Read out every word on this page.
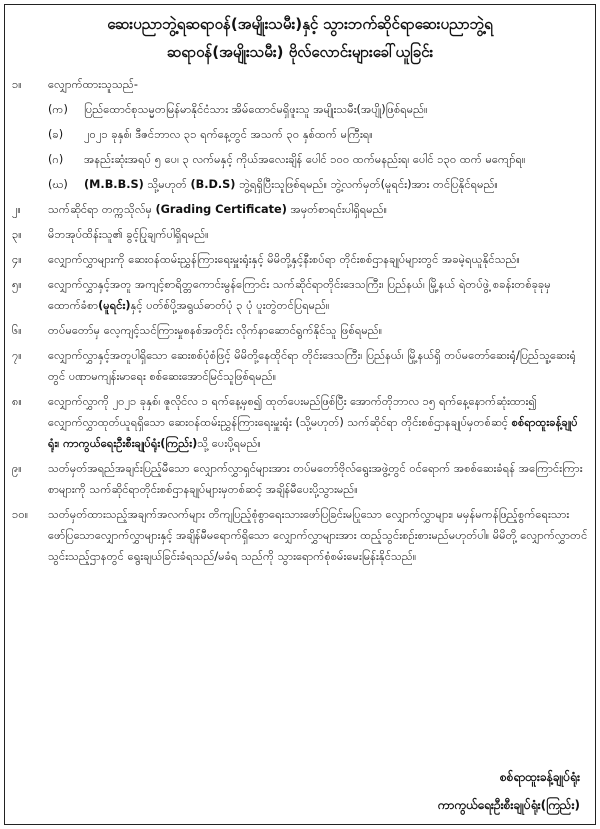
ဆေးပညာဘွဲ့ရဆရာဝန်(အမျိုးသမီး)နှင့် သွားဘက်ဆိုင်ရာဆေးပညာဘွဲ့ရ
ဆရာဝန်(အမျိုးသမီး) ဗိုလ်လောင်းများခေါ်ယူခြင်း
၁။	လျှောက်ထားသူသည်-
(က)	ပြည်ထောင်စုသမ္မတမြန်မာနိုင်ငံသား အိမ်ထောင်မရှိဖူးသူ အမျိုးသမီး(အပျို)ဖြစ်ရမည်။
(ခ)	၂၀၂၁ ခုနှစ်၊ ဒီဇင်ဘာလ ၃၁ ရက်နေ့တွင် အသက် ၃၀ နှစ်ထက် မကြီးရ။
(ဂ)	အနည်းဆုံးအရပ် ၅ ပေ၊ ၃ လက်မနှင့် ကိုယ်အလေးချိန် ပေါင် ၁၀၀ ထက်မနည်းရ၊ ပေါင် ၁၃၀ ထက် မကျော်ရ။
(ဃ)	(M.B.B.S) သို့မဟုတ် (B.D.S) ဘွဲ့ရရှိပြီးသူဖြစ်ရမည်။ ဘွဲ့လက်မှတ်(မူရင်း)အား တင်ပြနိုင်ရမည်။
၂။	သက်ဆိုင်ရာ တက္ကသိုလ်မှ (Grading Certificate) အမှတ်စာရင်းပါရှိရမည်။
၃။	မိဘအုပ်ထိန်းသူ၏ ခွင့်ပြုချက်ပါရှိရမည်။
၄။	လျှောက်လွှာများကို ဆေးဝန်ထမ်းညွှန်ကြားရေးမှူးရုံးနှင့် မိမိတို့နှင့်နီးစပ်ရာ တိုင်းစစ်ဌာနချုပ်များတွင် အခမဲ့ရယူနိုင်သည်။
၅။	လျှောက်လွှာနှင့်အတူ အကျင့်စာရိတ္တကောင်းမွန်ကြောင်း သက်ဆိုင်ရာတိုင်းဒေသကြီး၊ ပြည်နယ်၊ မြို့နယ် ရဲတပ်ဖွဲ့ စခန်းတစ်ခုခုမှ ထောက်ခံစာ(မူရင်း)နှင့် ပတ်စ်ပို့အရွယ်ဓာတ်ပုံ ၃ ပုံ ပူးတွဲတင်ပြရမည်။
၆။	တပ်မတော်မှ လေ့ကျင့်သင်ကြားမှုစနစ်အတိုင်း လိုက်နာဆောင်ရွက်နိုင်သူ ဖြစ်ရမည်။
၇။	လျှောက်လွှာနှင့်အတူပါရှိသော ဆေးစစ်ပုံစံဖြင့် မိမိတို့နေထိုင်ရာ တိုင်းဒေသကြီး၊ ပြည်နယ်၊ မြို့နယ်ရှိ တပ်မတော်ဆေးရုံ/ပြည်သူ့ဆေးရုံတွင် ပဏာမကျန်းမာရေး စစ်ဆေးအောင်မြင်သူဖြစ်ရမည်။
၈။	လျှောက်လွှာကို ၂၀၂၁ ခုနှစ်၊ ဇူလိုင်လ ၁ ရက်နေ့မှစ၍ ထုတ်ပေးမည်ဖြစ်ပြီး အောက်တိုဘာလ ၁၅ ရက်နေ့နောက်ဆုံးထား၍ လျှောက်လွှာထုတ်ယူရရှိသော ဆေးဝန်ထမ်းညွှန်ကြားရေးမှူးရုံး (သို့မဟုတ်) သက်ဆိုင်ရာ တိုင်းစစ်ဌာနချုပ်မှတစ်ဆင့် စစ်ရာထူးခန့်ချုပ်ရုံး၊ ကာကွယ်ရေးဦးစီးချုပ်ရုံး(ကြည်း)သို့ ပေးပို့ရမည်။
၉။	သတ်မှတ်အရည်အချင်းပြည့်မီသော လျှောက်လွှာရှင်များအား တပ်မတော်ဗိုလ်ရွေးအဖွဲ့တွင် ဝင်ရောက် အစစ်ဆေးခံရန် အကြောင်းကြားစာများကို သက်ဆိုင်ရာတိုင်းစစ်ဌာနချုပ်များမှတစ်ဆင့် အချိန်မီပေးပို့သွားမည်။
၁၀။	သတ်မှတ်ထားသည့်အချက်အလက်များ တိကျပြည့်စုံစွာရေးသားဖော်ပြခြင်းမပြုသော လျှောက်လွှာများ၊ မမှန်မကန်ဖြည့်စွက်ရေးသားဖော်ပြသောလျှောက်လွှာများနှင့် အချိန်မီမရောက်ရှိသော လျှောက်လွှာများအား ထည့်သွင်းစဉ်းစားမည်မဟုတ်ပါ။ မိမိတို့ လျှောက်လွှာတင်သွင်းသည့်ဌာနတွင် ရွေးချယ်ခြင်းခံရသည်/မခံရ သည်ကို သွားရောက်စုံစမ်းမေးမြန်းနိုင်သည်။
စစ်ရာထူးခန့်ချုပ်ရုံး
ကာကွယ်ရေးဦးစီးချုပ်ရုံး(ကြည်း)
